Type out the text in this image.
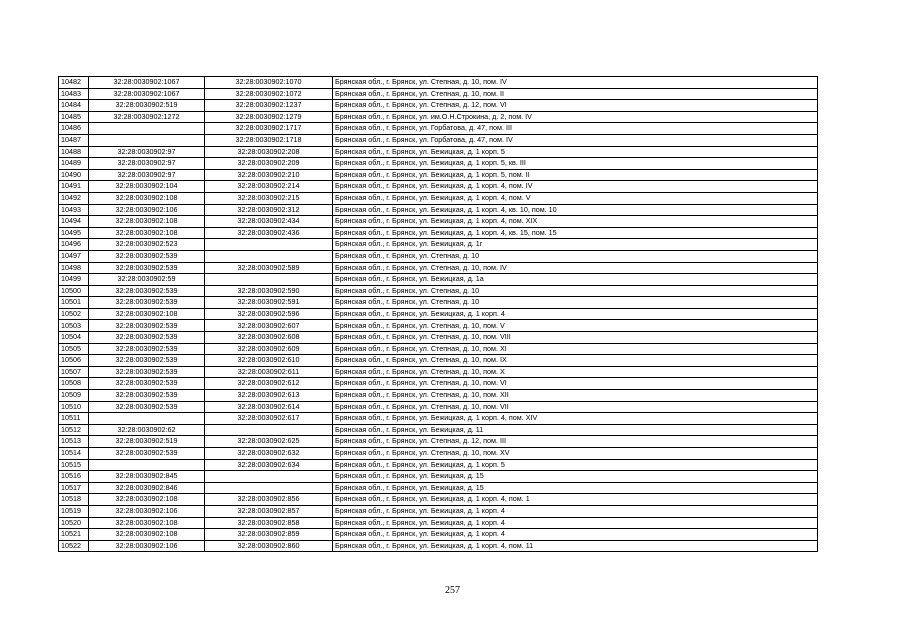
10482	32:28:0030902:1067	32:28:0030902:1070	Брянская обл., г. Брянск, ул. Степная, д. 10, пом. IV
10483	32:28:0030902:1067	32:28:0030902:1072	Брянская обл., г. Брянск, ул. Степная, д. 10, пом. II
10484	32:28:0030902:519	32:28:0030902:1237	Брянская обл., г. Брянск, ул. Степная, д. 12, пом. VI
10485	32:28:0030902:1272	32:28:0030902:1279	Брянская обл., г. Брянск, ул. им.О.Н.Строкина, д. 2, пом. IV
10486		32:28:0030902:1717	Брянская обл., г. Брянск, ул. Горбатова, д. 47, пом. III
10487		32:28:0030902:1718	Брянская обл., г. Брянск, ул. Горбатова, д. 47, пом. IV
10488	32:28:0030902:97	32:28:0030902:208	Брянская обл., г. Брянск, ул. Бежицкая, д. 1 корп. 5
10489	32:28:0030902:97	32:28:0030902:209	Брянская обл., г. Брянск, ул. Бежицкая, д. 1 корп. 5, кв. III
10490	32:28:0030902:97	32:28:0030902:210	Брянская обл., г. Брянск, ул. Бежицкая, д. 1 корп. 5, пом. II
10491	32:28:0030902:104	32:28:0030902:214	Брянская обл., г. Брянск, ул. Бежицкая, д. 1 корп. 4, пом. IV
10492	32:28:0030902:108	32:28:0030902:215	Брянская обл., г. Брянск, ул. Бежицкая, д. 1 корп. 4, пом. V
10493	32:28:0030902:106	32:28:0030902:312	Брянская обл., г. Брянск, ул. Бежицкая, д. 1 корп. 4, кв. 10, пом. 10
10494	32:28:0030902:108	32:28:0030902:434	Брянская обл., г. Брянск, ул. Бежицкая, д. 1 корп. 4, пом. XIX
10495	32:28:0030902:108	32:28:0030902:436	Брянская обл., г. Брянск, ул. Бежицкая, д. 1 корп. 4, кв. 15, пом. 15
10496	32:28:0030902:523		Брянская обл., г. Брянск, ул. Бежицкая, д. 1г
10497	32:28:0030902:539		Брянская обл., г. Брянск, ул. Степная, д. 10
10498	32:28:0030902:539	32:28:0030902:589	Брянская обл., г. Брянск, ул. Степная, д. 10, пом. IV
10499	32:28:0030902:59		Брянская обл., г. Брянск, ул. Бежицкая, д. 1а
10500	32:28:0030902:539	32:28:0030902:590	Брянская обл., г. Брянск, ул. Степная, д. 10
10501	32:28:0030902:539	32:28:0030902:591	Брянская обл., г. Брянск, ул. Степная, д. 10
10502	32:28:0030902:108	32:28:0030902:596	Брянская обл., г. Брянск, ул. Бежицкая, д. 1 корп. 4
10503	32:28:0030902:539	32:28:0030902:607	Брянская обл., г. Брянск, ул. Степная, д. 10, пом. V
10504	32:28:0030902:539	32:28:0030902:608	Брянская обл., г. Брянск, ул. Степная, д. 10, пом. VIII
10505	32:28:0030902:539	32:28:0030902:609	Брянская обл., г. Брянск, ул. Степная, д. 10, пом. XI
10506	32:28:0030902:539	32:28:0030902:610	Брянская обл., г. Брянск, ул. Степная, д. 10, пом. IX
10507	32:28:0030902:539	32:28:0030902:611	Брянская обл., г. Брянск, ул. Степная, д. 10, пом. X
10508	32:28:0030902:539	32:28:0030902:612	Брянская обл., г. Брянск, ул. Степная, д. 10, пом. VI
10509	32:28:0030902:539	32:28:0030902:613	Брянская обл., г. Брянск, ул. Степная, д. 10, пом. XII
10510	32:28:0030902:539	32:28:0030902:614	Брянская обл., г. Брянск, ул. Степная, д. 10, пом. VII
10511		32:28:0030902:617	Брянская обл., г. Брянск, ул. Бежицкая, д. 1 корп. 4, пом. XIV
10512	32:28:0030902:62		Брянская обл., г. Брянск, ул. Бежицкая, д. 11
10513	32:28:0030902:519	32:28:0030902:625	Брянская обл., г. Брянск, ул. Степная, д. 12, пом. III
10514	32:28:0030902:539	32:28:0030902:632	Брянская обл., г. Брянск, ул. Степная, д. 10, пом. XV
10515		32:28:0030902:634	Брянская обл., г. Брянск, ул. Бежицкая, д. 1 корп. 5
10516	32:28:0030902:845		Брянская обл., г. Брянск, ул. Бежицкая, д. 15
10517	32:28:0030902:846		Брянская обл., г. Брянск, ул. Бежицкая, д. 15
10518	32:28:0030902:108	32:28:0030902:856	Брянская обл., г. Брянск, ул. Бежицкая, д. 1 корп. 4, пом. 1
10519	32:28:0030902:106	32:28:0030902:857	Брянская обл., г. Брянск, ул. Бежицкая, д. 1 корп. 4
10520	32:28:0030902:108	32:28:0030902:858	Брянская обл., г. Брянск, ул. Бежицкая, д. 1 корп. 4
10521	32:28:0030902:108	32:28:0030902:859	Брянская обл., г. Брянск, ул. Бежицкая, д. 1 корп. 4
10522	32:28:0030902:106	32:28:0030902:860	Брянская обл., г. Брянск, ул. Бежицкая, д. 1 корп. 4, пом. 11
257
